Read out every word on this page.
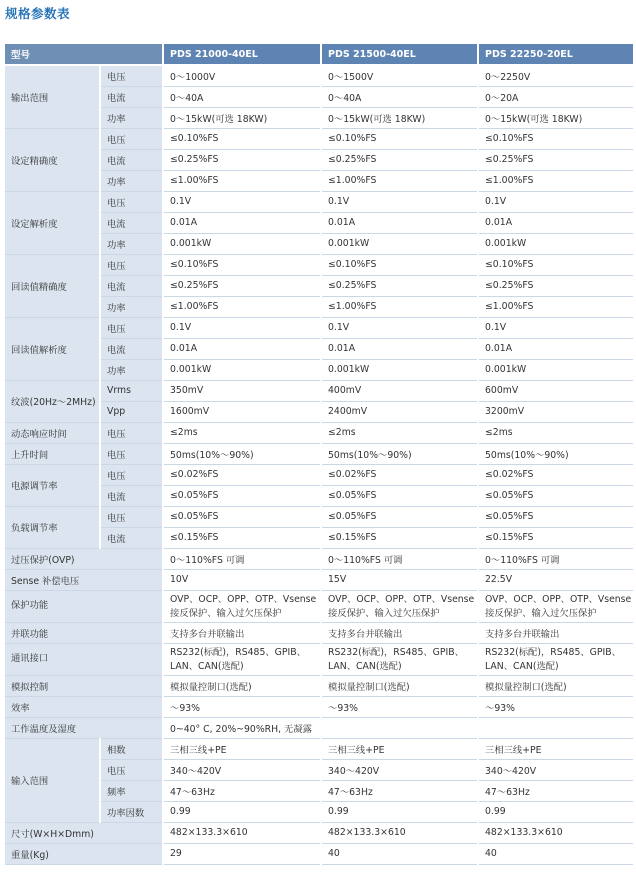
规格参数表
型号		PDS 21000-40EL	PDS 21500-40EL	PDS 22250-20EL
输出范围	电压	0～1000V	0～1500V	0～2250V
	电流	0～40A	0～40A	0～20A
	功率	0～15kW(可选 18KW)	0～15kW(可选 18KW)	0～15kW(可选 18KW)
设定精确度	电压	≤0.10%FS	≤0.10%FS	≤0.10%FS
	电流	≤0.25%FS	≤0.25%FS	≤0.25%FS
	功率	≤1.00%FS	≤1.00%FS	≤1.00%FS
设定解析度	电压	0.1V	0.1V	0.1V
	电流	0.01A	0.01A	0.01A
	功率	0.001kW	0.001kW	0.001kW
回读值精确度	电压	≤0.10%FS	≤0.10%FS	≤0.10%FS
	电流	≤0.25%FS	≤0.25%FS	≤0.25%FS
	功率	≤1.00%FS	≤1.00%FS	≤1.00%FS
回读值解析度	电压	0.1V	0.1V	0.1V
	电流	0.01A	0.01A	0.01A
	功率	0.001kW	0.001kW	0.001kW
纹波(20Hz～2MHz)	Vrms	350mV	400mV	600mV
	Vpp	1600mV	2400mV	3200mV
动态响应时间	电压	≤2ms	≤2ms	≤2ms
上升时间	电压	50ms(10%～90%)	50ms(10%～90%)	50ms(10%～90%)
电源调节率	电压	≤0.02%FS	≤0.02%FS	≤0.02%FS
	电流	≤0.05%FS	≤0.05%FS	≤0.05%FS
负载调节率	电压	≤0.05%FS	≤0.05%FS	≤0.05%FS
	电流	≤0.15%FS	≤0.15%FS	≤0.15%FS
过压保护(OVP)		0～110%FS 可调	0～110%FS 可调	0～110%FS 可调
Sense 补偿电压		10V	15V	22.5V
保护功能		OVP、OCP、OPP、OTP、Vsense 接反保护、输入过欠压保护	OVP、OCP、OPP、OTP、Vsense 接反保护、输入过欠压保护	OVP、OCP、OPP、OTP、Vsense 接反保护、输入过欠压保护
并联功能		支持多台并联输出	支持多台并联输出	支持多台并联输出
通讯接口		RS232(标配)，RS485、GPIB、LAN、CAN(选配)	RS232(标配)，RS485、GPIB、LAN、CAN(选配)	RS232(标配)，RS485、GPIB、LAN、CAN(选配)
模拟控制		模拟量控制口(选配)	模拟量控制口(选配)	模拟量控制口(选配)
效率		～93%	～93%	～93%
工作温度及湿度		0~40° C, 20%~90%RH, 无凝露		
输入范围	相数	三相三线+PE	三相三线+PE	三相三线+PE
	电压	340～420V	340～420V	340～420V
	频率	47～63Hz	47～63Hz	47～63Hz
	功率因数	0.99	0.99	0.99
尺寸(W×H×Dmm)		482×133.3×610	482×133.3×610	482×133.3×610
重量(Kg)		29	40	40
